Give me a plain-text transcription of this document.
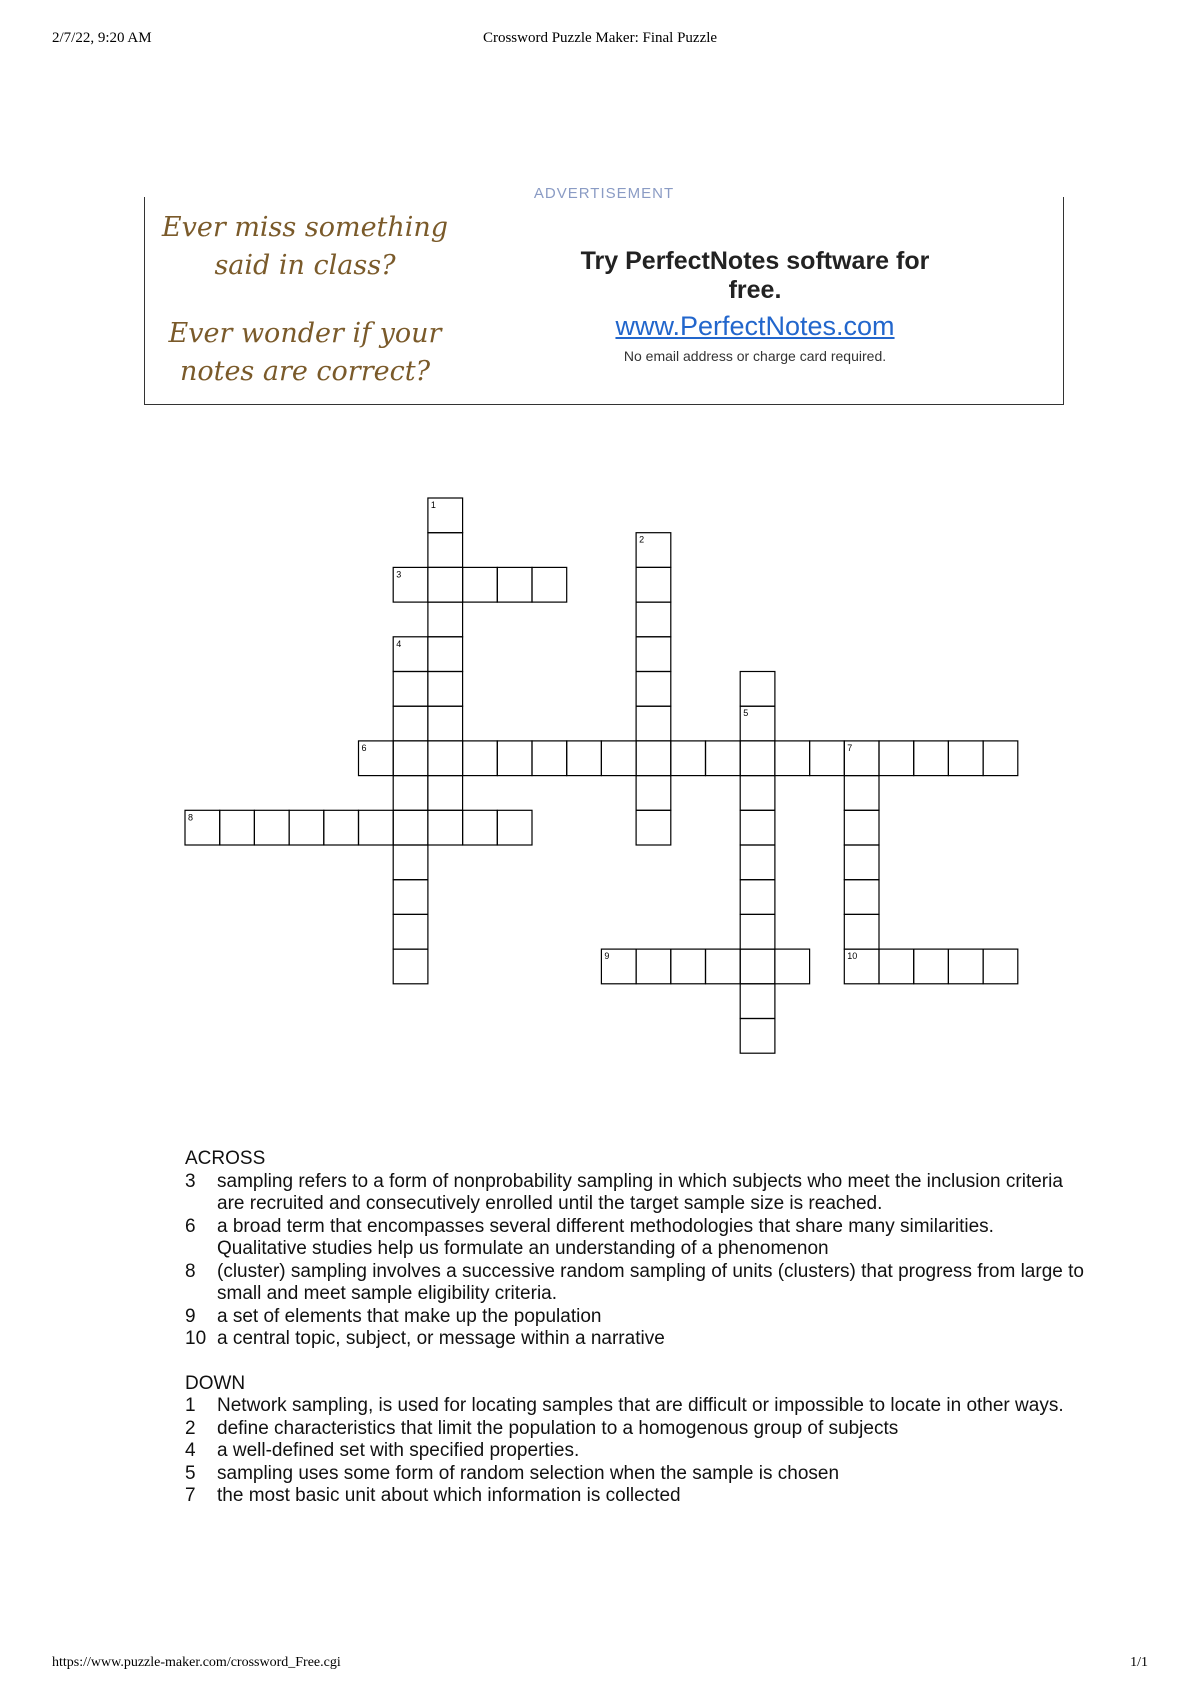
2/7/22, 9:20 AM	Crossword Puzzle Maker: Final Puzzle
ADVERTISEMENT
Ever miss something said in class?
Ever wonder if your notes are correct?
Try PerfectNotes software for free.
www.PerfectNotes.com
No email address or charge card required.
1
2
3
4
5
6	7
8
9	10
ACROSS
3 sampling refers to a form of nonprobability sampling in which subjects who meet the inclusion criteria are recruited and consecutively enrolled until the target sample size is reached.
6 a broad term that encompasses several different methodologies that share many similarities. Qualitative studies help us formulate an understanding of a phenomenon
8 (cluster) sampling involves a successive random sampling of units (clusters) that progress from large to small and meet sample eligibility criteria.
9 a set of elements that make up the population
10 a central topic, subject, or message within a narrative
DOWN
1 Network sampling, is used for locating samples that are difficult or impossible to locate in other ways.
2 define characteristics that limit the population to a homogenous group of subjects
4 a well-defined set with specified properties.
5 sampling uses some form of random selection when the sample is chosen
7 the most basic unit about which information is collected
https://www.puzzle-maker.com/crossword_Free.cgi	1/1
